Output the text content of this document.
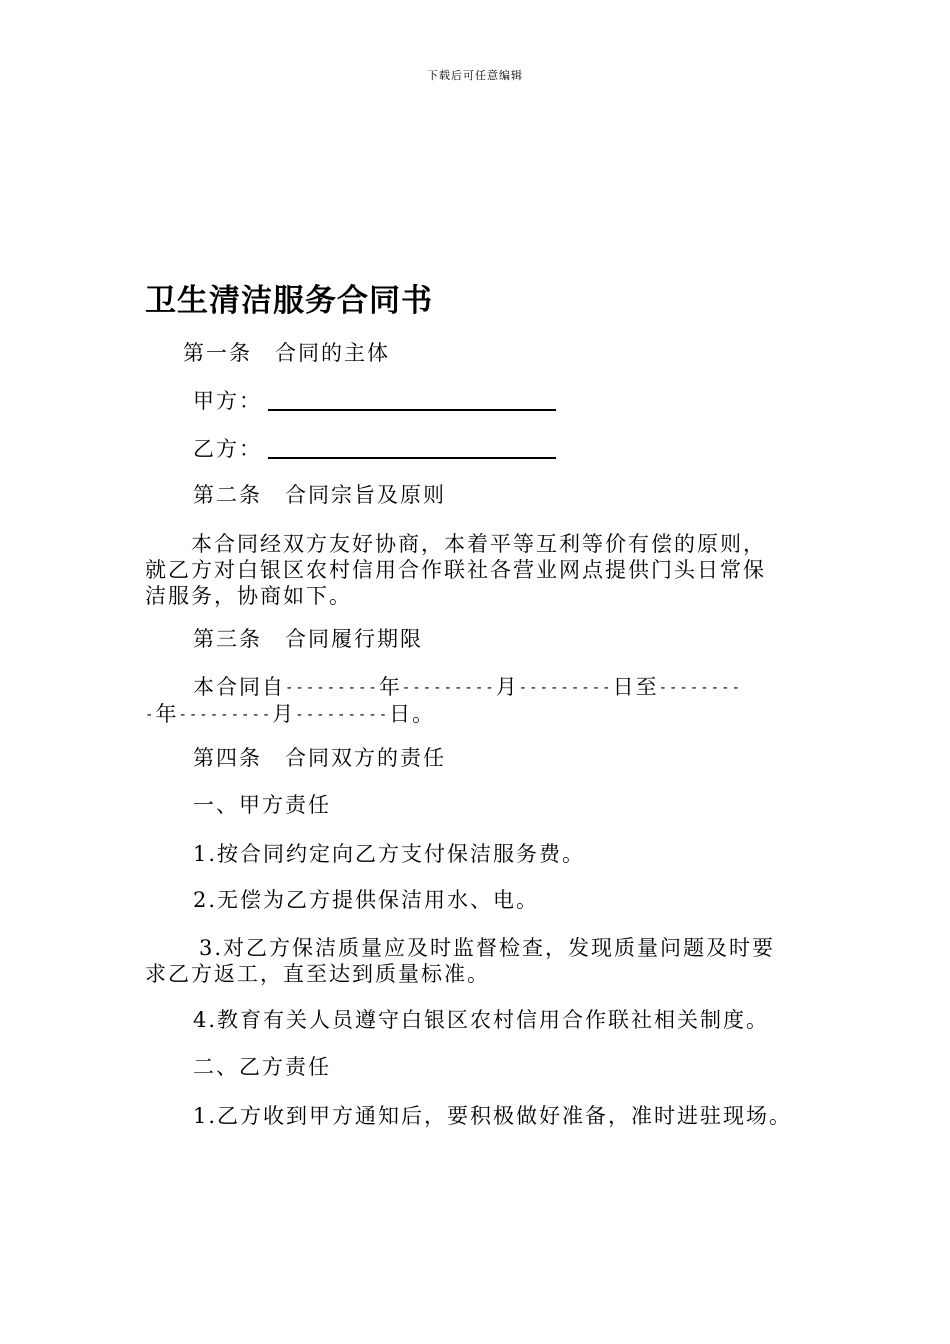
下载后可任意编辑
卫生清洁服务合同书
第一条　合同的主体
甲方：
乙方：
第二条　合同宗旨及原则
　　本合同经双方友好协商，本着平等互利等价有偿的原则，
就乙方对白银区农村信用合作联社各营业网点提供门头日常保
洁服务，协商如下。
第三条　合同履行期限
本合同自---------年---------月---------日至--------
-年---------月---------日。
第四条　合同双方的责任
一、甲方责任
1.按合同约定向乙方支付保洁服务费。
2.无偿为乙方提供保洁用水、电。
　3.对乙方保洁质量应及时监督检查，发现质量问题及时要
求乙方返工，直至达到质量标准。
4.教育有关人员遵守白银区农村信用合作联社相关制度。
二、乙方责任
1.乙方收到甲方通知后，要积极做好准备，准时进驻现场。
